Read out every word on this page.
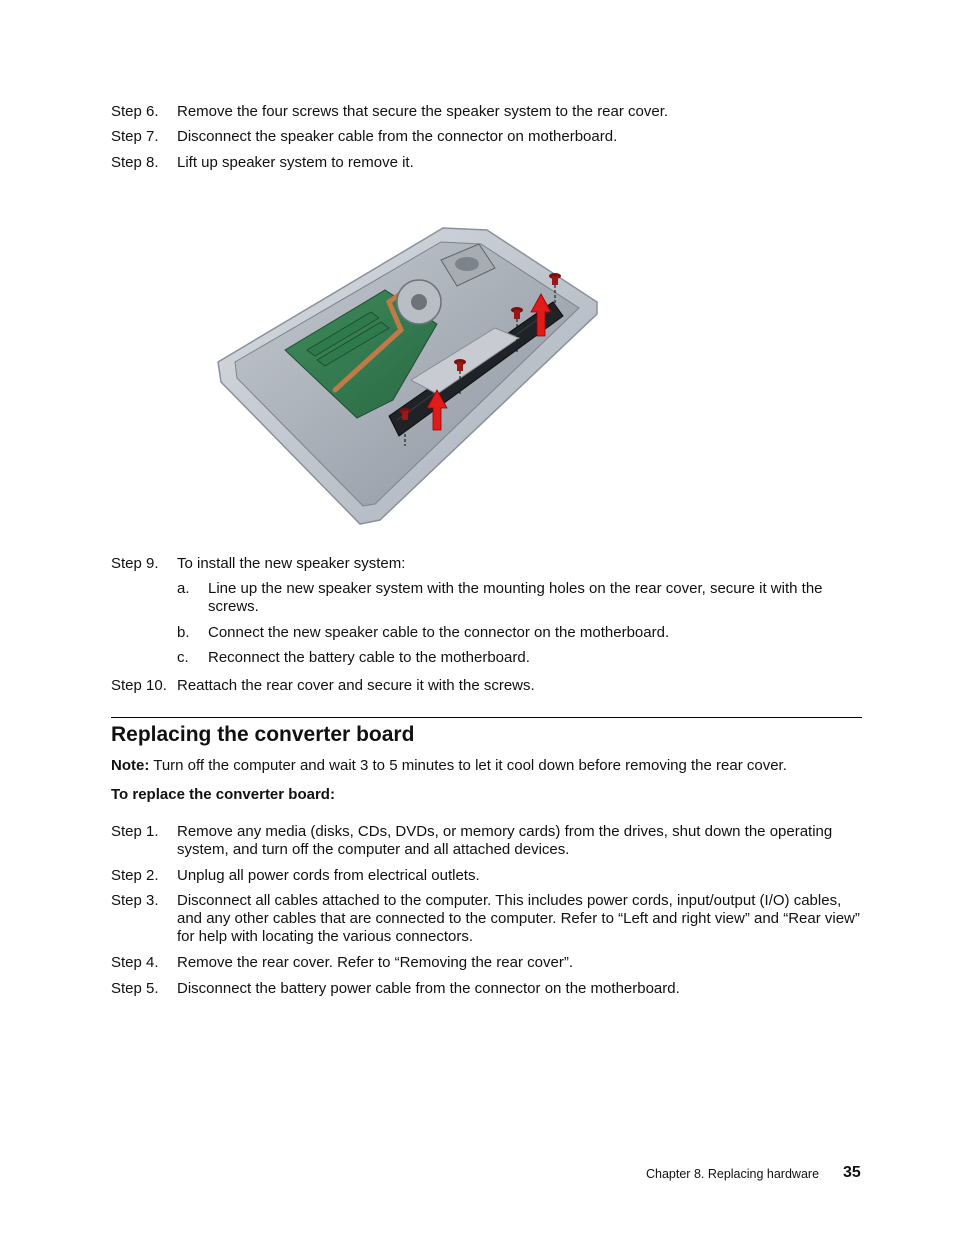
Step 6. Remove the four screws that secure the speaker system to the rear cover.
Step 7. Disconnect the speaker cable from the connector on motherboard.
Step 8. Lift up speaker system to remove it.
Step 9. To install the new speaker system:
a. Line up the new speaker system with the mounting holes on the rear cover, secure it with the screws.
b. Connect the new speaker cable to the connector on the motherboard.
c. Reconnect the battery cable to the motherboard.
Step 10. Reattach the rear cover and secure it with the screws.
Replacing the converter board
Note: Turn off the computer and wait 3 to 5 minutes to let it cool down before removing the rear cover.
To replace the converter board:
Step 1. Remove any media (disks, CDs, DVDs, or memory cards) from the drives, shut down the operating system, and turn off the computer and all attached devices.
Step 2. Unplug all power cords from electrical outlets.
Step 3. Disconnect all cables attached to the computer. This includes power cords, input/output (I/O) cables, and any other cables that are connected to the computer. Refer to “Left and right view” and “Rear view” for help with locating the various connectors.
Step 4. Remove the rear cover. Refer to “Removing the rear cover”.
Step 5. Disconnect the battery power cable from the connector on the motherboard.
Chapter 8. Replacing hardware 35
